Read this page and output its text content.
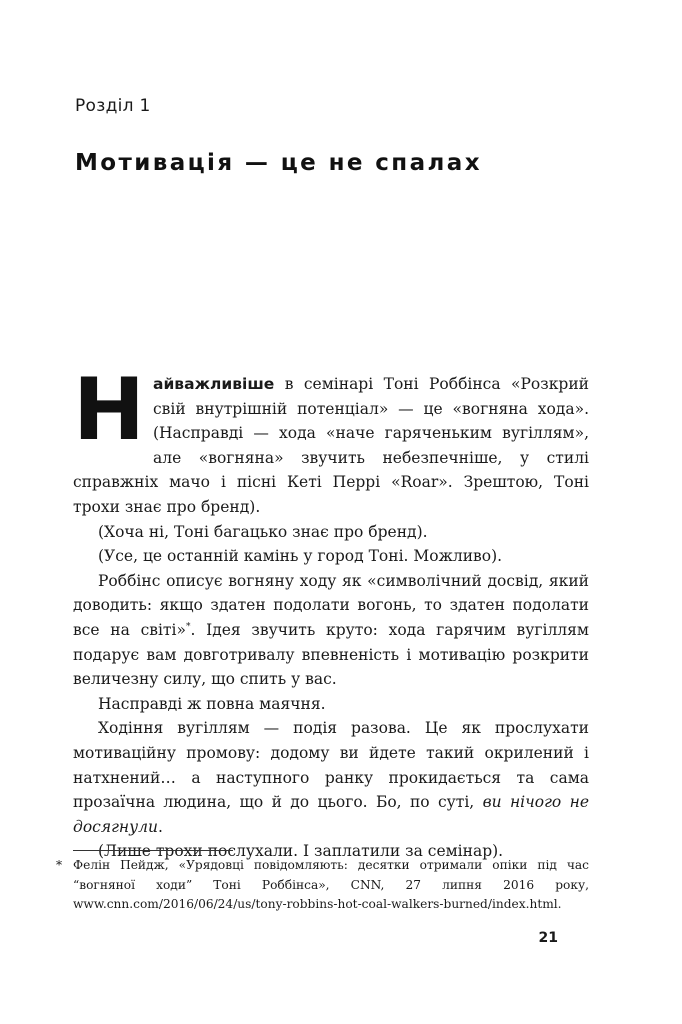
Розділ 1
Мотивація — це не спалах

Найважливіше в семінарі Тоні Роббінса «Розкрий свій внутрішній потенціал» — це «вогняна хода». (Насправді — хода «наче гаряченьким вугіллям», але «вогняна» звучить небезпечніше, у стилі справжніх мачо і пісні Кеті Перрі «Roar». Зрештою, Тоні трохи знає про бренд).

(Хоча ні, Тоні багацько знає про бренд).

(Усе, це останній камінь у город Тоні. Можливо).

Роббінс описує вогняну ходу як «символічний досвід, який доводить: якщо здатен подолати вогонь, то здатен подолати все на світі»*. Ідея звучить круто: хода гарячим вугіллям подарує вам довготривалу впевненість і мотивацію розкрити величезну силу, що спить у вас.

Насправді ж повна маячня.

Ходіння вугіллям — подія разова. Це як прослухати мотиваційну промову: додому ви йдете такий окрилений і натхнений… а наступного ранку прокидається та сама прозаїчна людина, що й до цього. Бо, по суті, ви нічого не досягнули.

(Лише трохи послухали. І заплатили за семінар).

* Фелін Пейдж, «Урядовці повідомляють: десятки отримали опіки під час “вогняної ходи” Тоні Роббінса», CNN, 27 липня 2016 року, www.cnn.com/2016/06/24/us/tony-robbins-hot-coal-walkers-burned/index.html.

21
